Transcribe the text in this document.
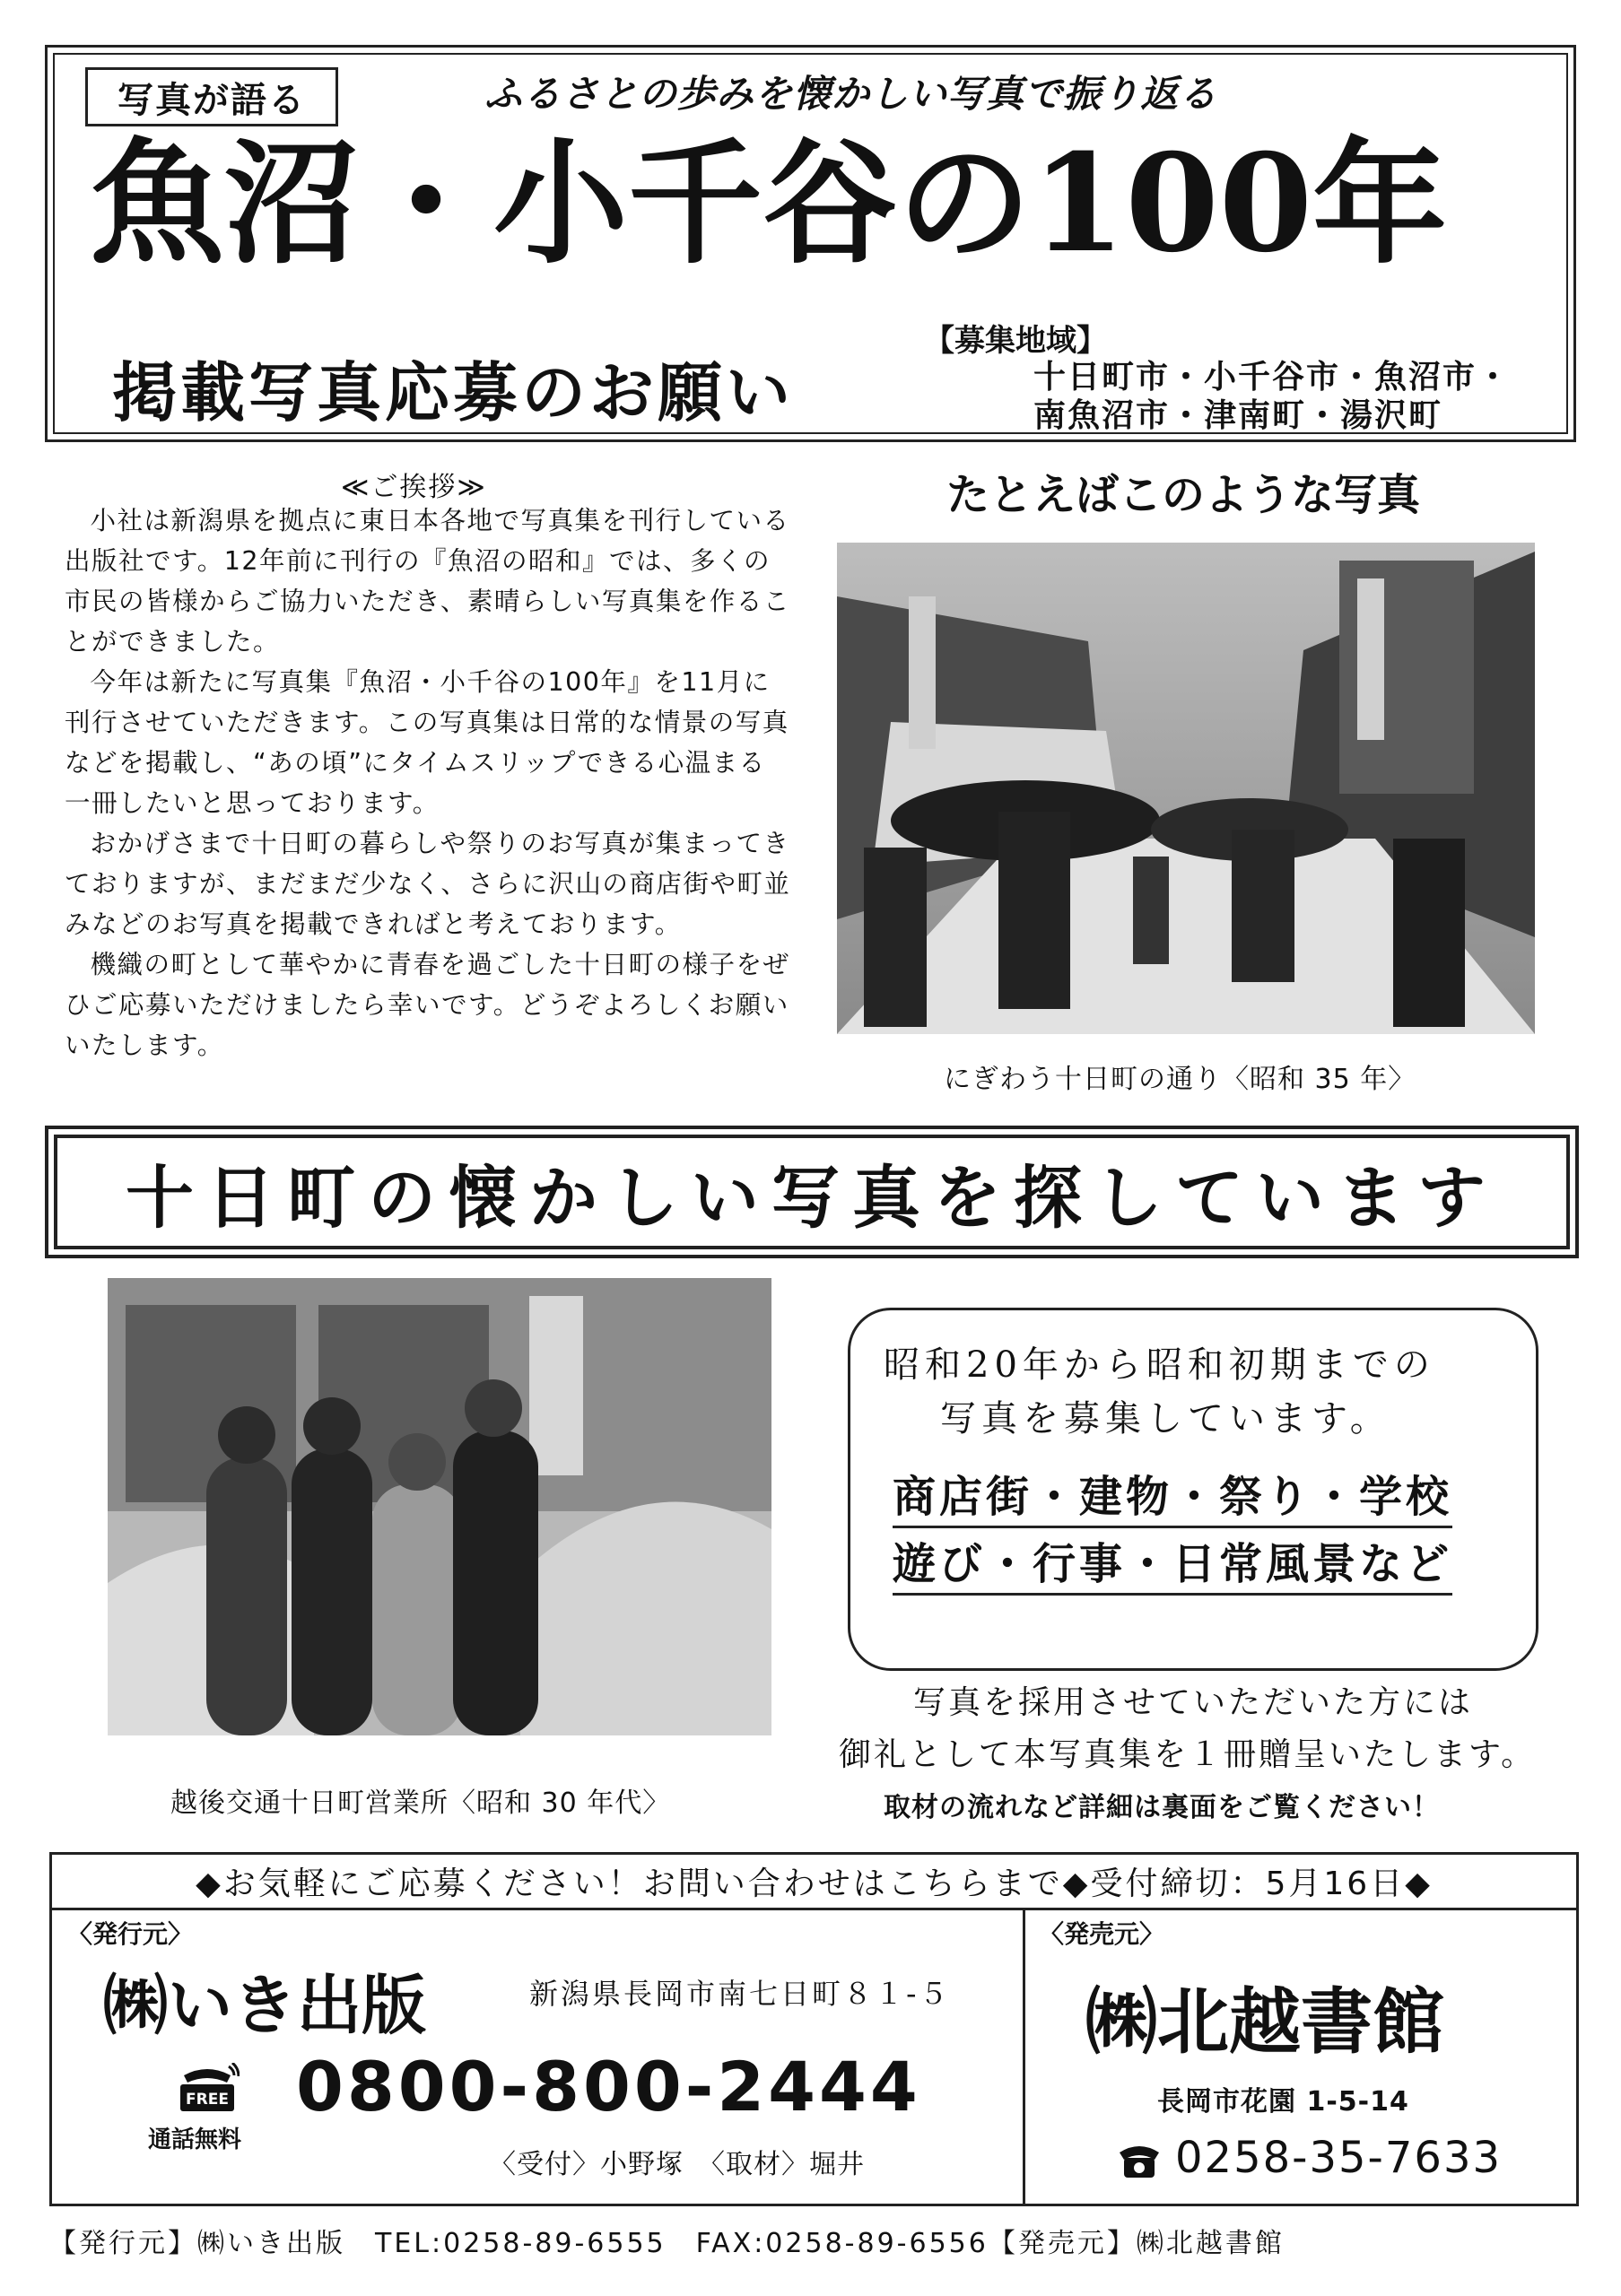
写真が語る	ふるさとの歩みを懐かしい写真で振り返る
魚沼・小千谷の100年
掲載写真応募のお願い
【募集地域】
十日町市・小千谷市・魚沼市・
南魚沼市・津南町・湯沢町
≪ご挨拶≫

小社は新潟県を拠点に東日本各地で写真集を刊行している出版社です。12年前に刊行の『魚沼の昭和』では、多くの市民の皆様からご協力いただき、素晴らしい写真集を作ることができました。

今年は新たに写真集『魚沼・小千谷の100年』を11月に刊行させていただきます。この写真集は日常的な情景の写真などを掲載し、“あの頃”にタイムスリップできる心温まる一冊したいと思っております。

おかげさまで十日町の暮らしや祭りのお写真が集まってきておりますが、まだまだ少なく、さらに沢山の商店街や町並みなどのお写真を掲載できればと考えております。

機織の町として華やかに青春を過ごした十日町の様子をぜひご応募いただけましたら幸いです。どうぞよろしくお願いいたします。

たとえばこのような写真
にぎわう十日町の通り〈昭和 35 年〉
十日町の懐かしい写真を探しています
越後交通十日町営業所〈昭和 30 年代〉
昭和20年から昭和初期までの
写真を募集しています。
商店街・建物・祭り・学校
遊び・行事・日常風景など
写真を採用させていただいた方には
御礼として本写真集を１冊贈呈いたします。
取材の流れなど詳細は裏面をご覧ください！
◆お気軽にご応募ください！お問い合わせはこちらまで◆受付締切：5月16日◆
〈発行元〉
㈱いき出版	新潟県長岡市南七日町８１-５
FREE
通話無料
0800-800-2444
〈受付〉小野塚　〈取材〉堀井
〈発売元〉
㈱北越書館
長岡市花園 1-5-14
0258-35-7633
【発行元】㈱いき出版　TEL:0258-89-6555　FAX:0258-89-6556【発売元】㈱北越書館
